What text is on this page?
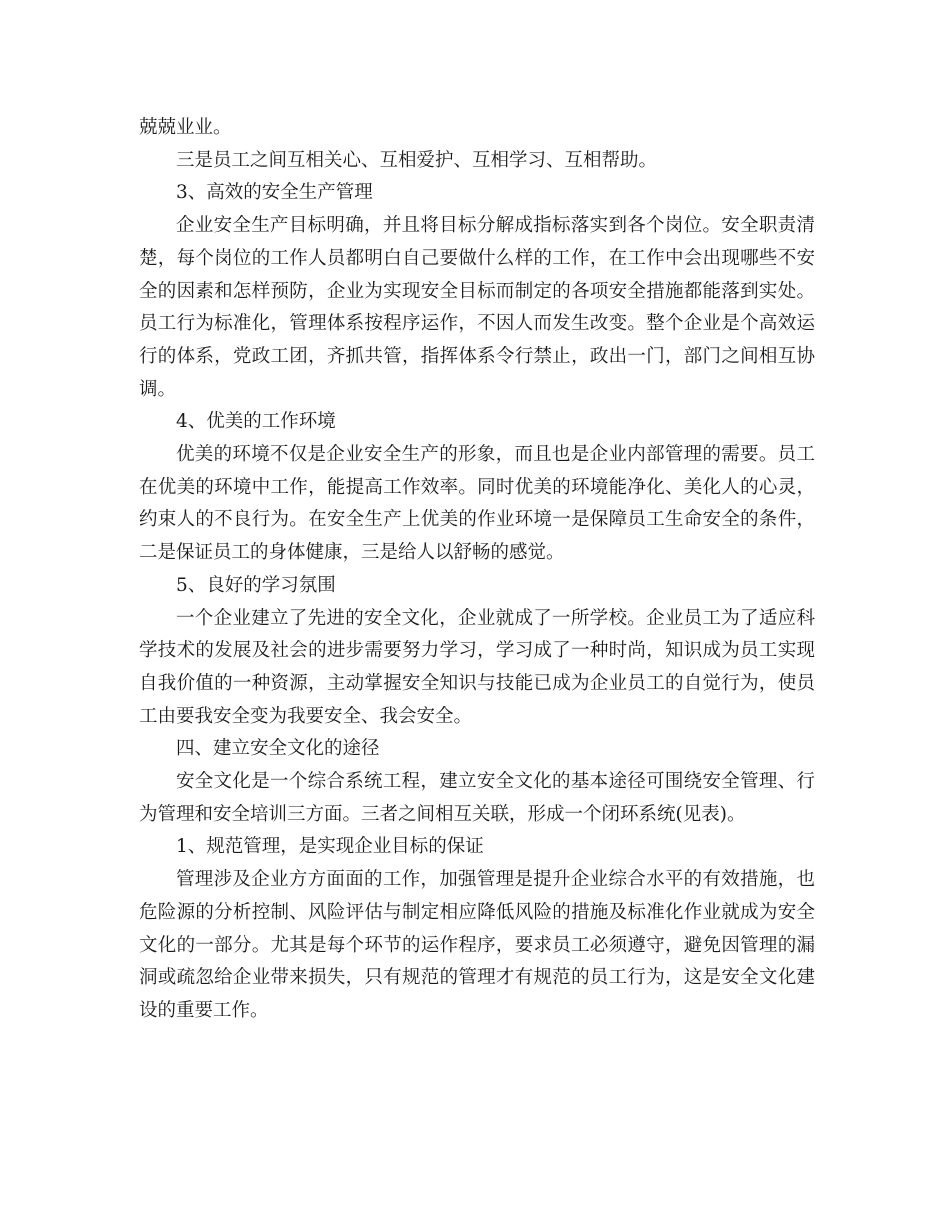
兢兢业业。

三是员工之间互相关心、互相爱护、互相学习、互相帮助。

3、高效的安全生产管理

企业安全生产目标明确，并且将目标分解成指标落实到各个岗位。安全职责清楚，每个岗位的工作人员都明白自己要做什么样的工作，在工作中会出现哪些不安全的因素和怎样预防，企业为实现安全目标而制定的各项安全措施都能落到实处。员工行为标准化，管理体系按程序运作，不因人而发生改变。整个企业是个高效运行的体系，党政工团，齐抓共管，指挥体系令行禁止，政出一门，部门之间相互协调。

4、优美的工作环境

优美的环境不仅是企业安全生产的形象，而且也是企业内部管理的需要。员工在优美的环境中工作，能提高工作效率。同时优美的环境能净化、美化人的心灵，约束人的不良行为。在安全生产上优美的作业环境一是保障员工生命安全的条件，二是保证员工的身体健康，三是给人以舒畅的感觉。

5、良好的学习氛围

一个企业建立了先进的安全文化，企业就成了一所学校。企业员工为了适应科学技术的发展及社会的进步需要努力学习，学习成了一种时尚，知识成为员工实现自我价值的一种资源，主动掌握安全知识与技能已成为企业员工的自觉行为，使员工由要我安全变为我要安全、我会安全。

四、建立安全文化的途径

安全文化是一个综合系统工程，建立安全文化的基本途径可围绕安全管理、行为管理和安全培训三方面。三者之间相互关联，形成一个闭环系统(见表)。

1、规范管理，是实现企业目标的保证

管理涉及企业方方面面的工作，加强管理是提升企业综合水平的有效措施，也危险源的分析控制、风险评估与制定相应降低风险的措施及标准化作业就成为安全文化的一部分。尤其是每个环节的运作程序，要求员工必须遵守，避免因管理的漏洞或疏忽给企业带来损失，只有规范的管理才有规范的员工行为，这是安全文化建设的重要工作。
